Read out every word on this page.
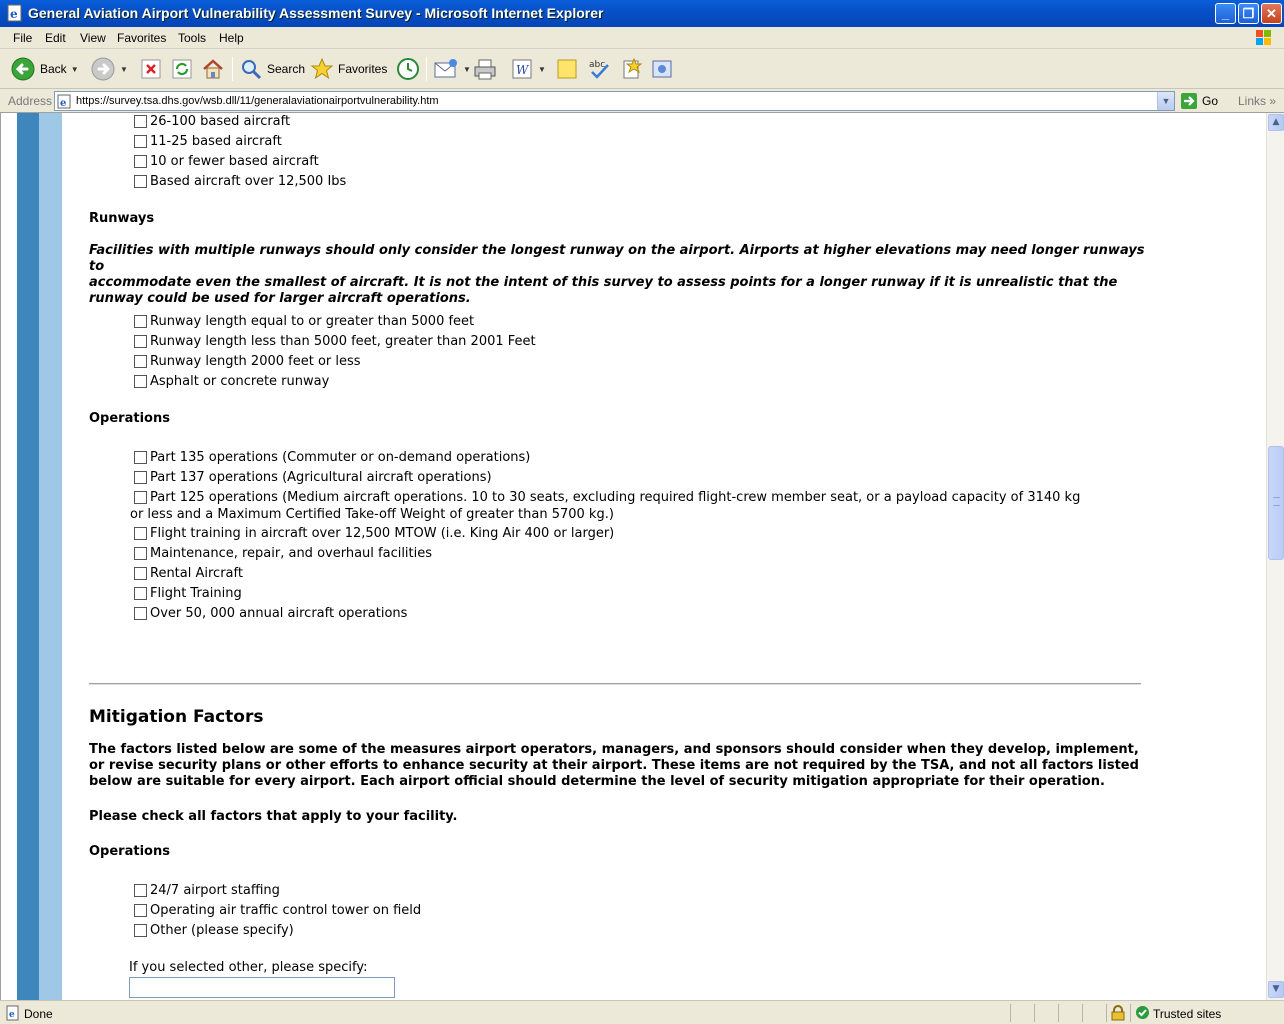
e General Aviation Airport Vulnerability Assessment Survey - Microsoft Internet Explorer	_	❐ ✕
File Edit View Favorites Tools Help
Back ▼	▼	Search	Favorites	▼	W ▼	abc
Address e https://survey.tsa.dhs.gov/wsb.dll/11/generalaviationairportvulnerability.htm	▼	Go Links »
26-100 based aircraft
11-25 based aircraft
10 or fewer based aircraft
Based aircraft over 12,500 Ibs
Runways
Facilities with multiple runways should only consider the longest runway on the airport. Airports at higher elevations may need longer runways to
accommodate even the smallest of aircraft. It is not the intent of this survey to assess points for a longer runway if it is unrealistic that the
runway could be used for larger aircraft operations.
Runway length equal to or greater than 5000 feet
Runway length less than 5000 feet, greater than 2001 Feet
Runway length 2000 feet or less
Asphalt or concrete runway
Operations
Part 135 operations (Commuter or on-demand operations)
Part 137 operations (Agricultural aircraft operations)
Part 125 operations (Medium aircraft operations. 10 to 30 seats, excluding required flight-crew member seat, or a payload capacity of 3140 kg
or less and a Maximum Certified Take-off Weight of greater than 5700 kg.)
Flight training in aircraft over 12,500 MTOW (i.e. King Air 400 or larger)
Maintenance, repair, and overhaul facilities
Rental Aircraft
Flight Training
Over 50, 000 annual aircraft operations
Mitigation Factors
The factors listed below are some of the measures airport operators, managers, and sponsors should consider when they develop, implement,
or revise security plans or other efforts to enhance security at their airport. These items are not required by the TSA, and not all factors listed
below are suitable for every airport. Each airport official should determine the level of security mitigation appropriate for their operation.
Please check all factors that apply to your facility.
Operations
24/7 airport staffing
Operating air traffic control tower on field
Other (please specify)
If you selected other, please specify:
▲
▼
e Done	Trusted sites
